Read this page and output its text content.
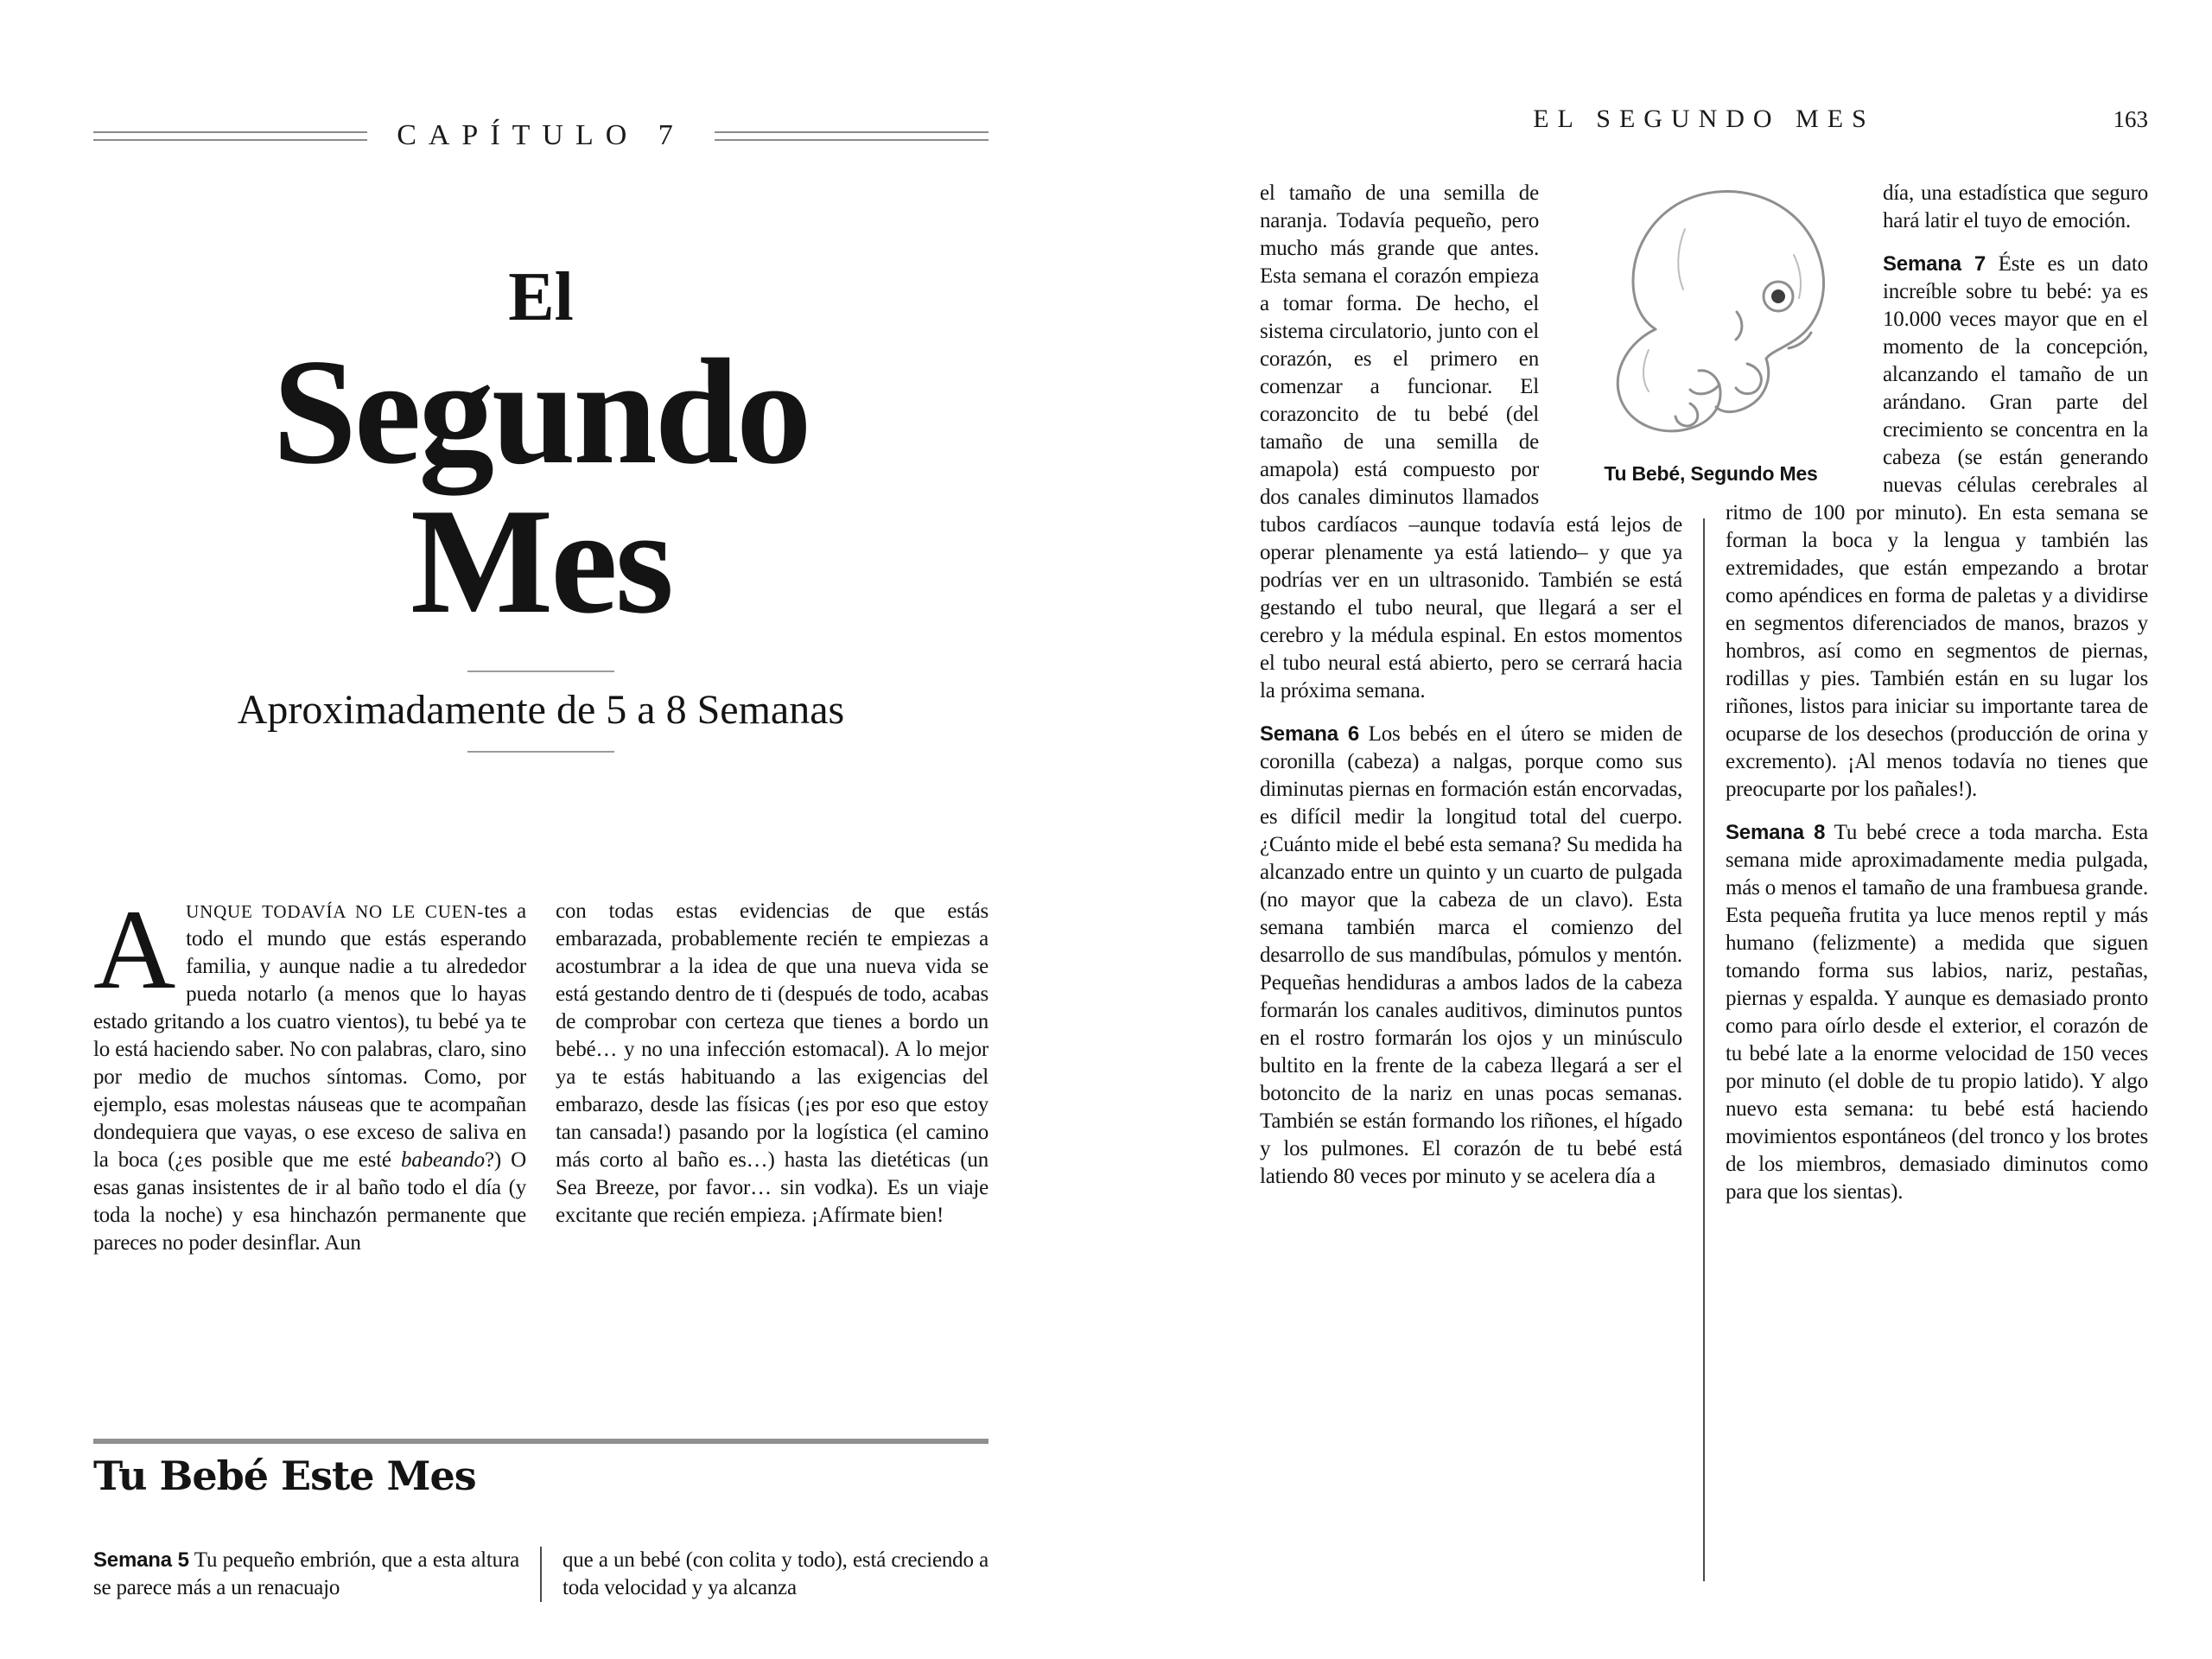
CAPÍTULO 7
El
Segundo
Mes
Aproximadamente de 5 a 8 Semanas

AUNQUE TODAVÍA NO LE CUEN-tes a todo el mundo que estás esperando familia, y aunque nadie a tu alrededor pueda notarlo (a menos que lo hayas estado gritando a los cuatro vientos), tu bebé ya te lo está haciendo saber. No con palabras, claro, sino por medio de muchos síntomas. Como, por ejemplo, esas molestas náuseas que te acompañan dondequiera que vayas, o ese exceso de saliva en la boca (¿es posible que me esté babeando?) O esas ganas insistentes de ir al baño todo el día (y toda la noche) y esa hinchazón permanente que pareces no poder desinflar. Aun

con todas estas evidencias de que estás embarazada, probablemente recién te empiezas a acostumbrar a la idea de que una nueva vida se está gestando dentro de ti (después de todo, acabas de comprobar con certeza que tienes a bordo un bebé… y no una infección estomacal). A lo mejor ya te estás habituando a las exigencias del embarazo, desde las físicas (¡es por eso que estoy tan cansada!) pasando por la logística (el camino más corto al baño es…) hasta las dietéticas (un Sea Breeze, por favor… sin vodka). Es un viaje excitante que recién empieza. ¡Afírmate bien!

Tu Bebé Este Mes

Semana 5 Tu pequeño embrión, que a esta altura se parece más a un renacuajo

que a un bebé (con colita y todo), está creciendo a toda velocidad y ya alcanza

EL SEGUNDO MES	163

el tamaño de una semilla de naranja. Todavía pequeño, pero mucho más grande que antes. Esta semana el corazón empieza a tomar forma. De hecho, el sistema circulatorio, junto con el corazón, es el primero en comenzar a funcionar. El corazoncito de tu bebé (del tamaño de una semilla de amapola) está compuesto por dos canales diminutos llamados tubos cardíacos –aunque todavía está lejos de operar plenamente ya está latiendo– y que ya podrías ver en un ultrasonido. También se está gestando el tubo neural, que llegará a ser el cerebro y la médula espinal. En estos momentos el tubo neural está abierto, pero se cerrará hacia la próxima semana.

Semana 6 Los bebés en el útero se miden de coronilla (cabeza) a nalgas, porque como sus diminutas piernas en formación están encorvadas, es difícil medir la longitud total del cuerpo. ¿Cuánto mide el bebé esta semana? Su medida ha alcanzado entre un quinto y un cuarto de pulgada (no mayor que la cabeza de un clavo). Esta semana también marca el comienzo del desarrollo de sus mandíbulas, pómulos y mentón. Pequeñas hendiduras a ambos lados de la cabeza formarán los canales auditivos, diminutos puntos en el rostro formarán los ojos y un minúsculo bultito en la frente de la cabeza llegará a ser el botoncito de la nariz en unas pocas semanas. También se están formando los riñones, el hígado y los pulmones. El corazón de tu bebé está latiendo 80 veces por minuto y se acelera día a

día, una estadística que seguro hará latir el tuyo de emoción.

Semana 7 Éste es un dato increíble sobre tu bebé: ya es 10.000 veces mayor que en el momento de la concepción, alcanzando el tamaño de un arándano. Gran parte del crecimiento se concentra en la cabeza (se están generando nuevas células cerebrales al ritmo de 100 por minuto). En esta semana se forman la boca y la lengua y también las extremidades, que están empezando a brotar como apéndices en forma de paletas y a dividirse en segmentos diferenciados de manos, brazos y hombros, así como en segmentos de piernas, rodillas y pies. También están en su lugar los riñones, listos para iniciar su importante tarea de ocuparse de los desechos (producción de orina y excremento). ¡Al menos todavía no tienes que preocuparte por los pañales!).

Semana 8 Tu bebé crece a toda marcha. Esta semana mide aproximadamente media pulgada, más o menos el tamaño de una frambuesa grande. Esta pequeña frutita ya luce menos reptil y más humano (felizmente) a medida que siguen tomando forma sus labios, nariz, pestañas, piernas y espalda. Y aunque es demasiado pronto como para oírlo desde el exterior, el corazón de tu bebé late a la enorme velocidad de 150 veces por minuto (el doble de tu propio latido). Y algo nuevo esta semana: tu bebé está haciendo movimientos espontáneos (del tronco y los brotes de los miembros, demasiado diminutos como para que los sientas).

Tu Bebé, Segundo Mes
